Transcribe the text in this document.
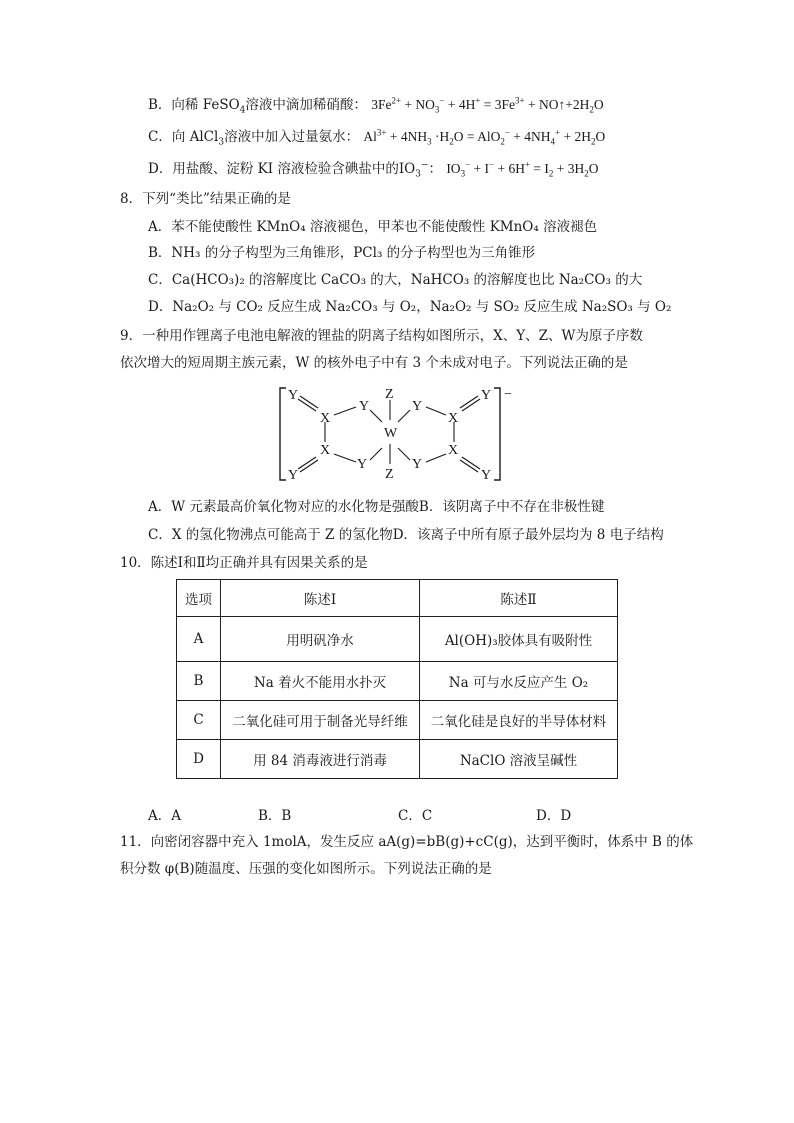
B．向稀 FeSO$_4$溶液中滴加稀硝酸： $3Fe^{2+} + NO_3^- + 4H^+ = 3Fe^{3+}$ + $NO↑+2H_2O$
C．向 AlCl$_3$溶液中加入过量氨水： $Al^{3+} + 4NH_3 \cdot H_2O = AlO_2^- + 4NH_4^+ + 2H_2O$
D．用盐酸、淀粉 KI 溶液检验含碘盐中的$IO_3^-$： $IO_3^- + I^- + 6H^+ = I_2 + 3H_2O$
8．下列“类比”结果正确的是
A．苯不能使酸性 KMnO₄ 溶液褪色，甲苯也不能使酸性 KMnO₄ 溶液褪色
B．NH₃ 的分子构型为三角锥形，PCl₃ 的分子构型也为三角锥形
C．Ca(HCO₃)₂ 的溶解度比 CaCO₃ 的大，NaHCO₃ 的溶解度也比 Na₂CO₃ 的大
D．Na₂O₂ 与 CO₂ 反应生成 Na₂CO₃ 与 O₂，Na₂O₂ 与 SO₂ 反应生成 Na₂SO₃ 与 O₂
9．一种用作锂离子电池电解液的锂盐的阴离子结构如图所示，X、Y、Z、W为原子序数
依次增大的短周期主族元素，W 的核外电子中有 3 个未成对电子。下列说法正确的是
−
Y
X
Y
Z
W
Y
X
Y
X
Y
Y
Z
Y
X
Y
A．W 元素最高价氧化物对应的水化物是强酸B．该阴离子中不存在非极性键
C．X 的氢化物沸点可能高于 Z 的氢化物D．该离子中所有原子最外层均为 8 电子结构
10．陈述Ⅰ和Ⅱ均正确并具有因果关系的是
选项	陈述Ⅰ	陈述Ⅱ
A	用明矾净水	Al(OH)₃胶体具有吸附性
B	Na 着火不能用水扑灭	Na 可与水反应产生 O₂
C	二氧化硅可用于制备光导纤维	二氧化硅是良好的半导体材料
D	用 84 消毒液进行消毒	NaClO 溶液呈碱性
A．A	B．B	C．C	D．D
11．向密闭容器中充入 1molA，发生反应 aA(g)=bB(g)+cC(g)，达到平衡时，体系中 B 的体
积分数 φ(B)随温度、压强的变化如图所示。下列说法正确的是
